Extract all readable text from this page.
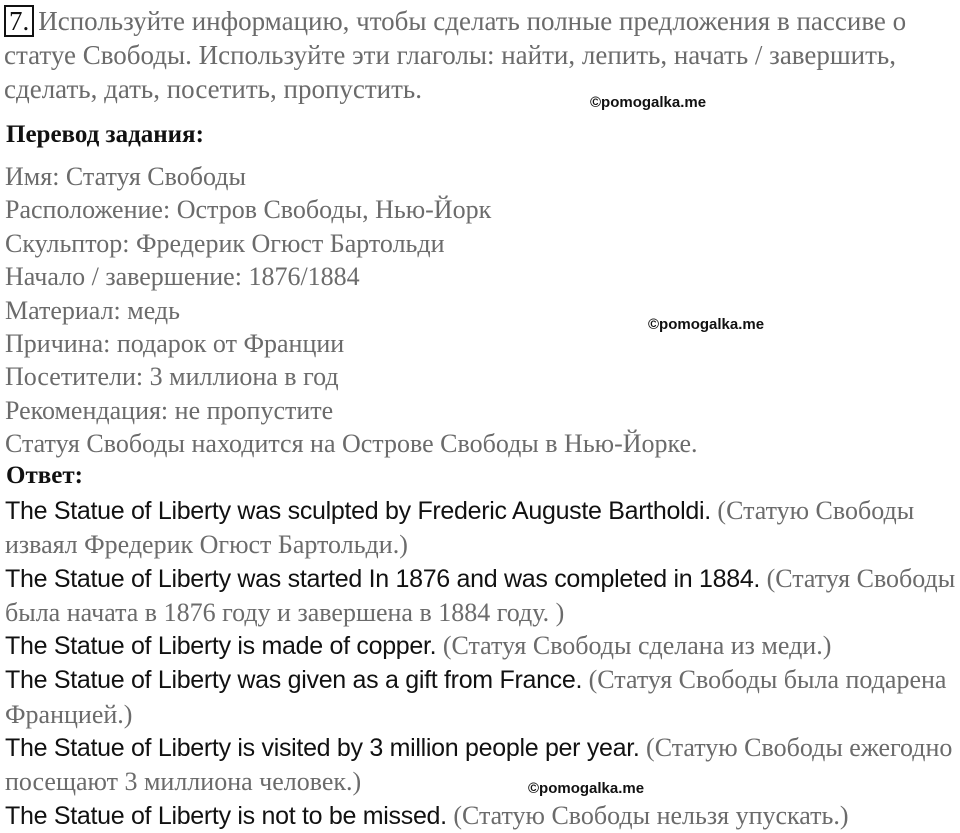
7. Используйте информацию, чтобы сделать полные предложения в пассиве о статуе Свободы. Используйте эти глаголы: найти, лепить, начать / завершить, сделать, дать, посетить, пропустить.	©pomogalka.me
Перевод задания:
Имя: Статуя Свободы
Расположение: Остров Свободы, Нью-Йорк
Скульптор: Фредерик Огюст Бартольди
Начало / завершение: 1876/1884
Материал: медь
Причина: подарок от Франции
Посетители: 3 миллиона в год
Рекомендация: не пропустите
Статуя Свободы находится на Острове Свободы в Нью-Йорке.
©pomogalka.me
Ответ:
The Statue of Liberty was sculpted by Frederic Auguste Bartholdi. (Статую Свободы изваял Фредерик Огюст Бартольди.)
The Statue of Liberty was started In 1876 and was completed in 1884. (Статуя Свободы была начата в 1876 году и завершена в 1884 году. )
The Statue of Liberty is made of copper. (Статуя Свободы сделана из меди.)
The Statue of Liberty was given as a gift from France. (Статуя Свободы была подарена Францией.)
The Statue of Liberty is visited by 3 million people per year. (Статую Свободы ежегодно посещают 3 миллиона человек.)
The Statue of Liberty is not to be missed. (Статую Свободы нельзя упускать.)
©pomogalka.me
